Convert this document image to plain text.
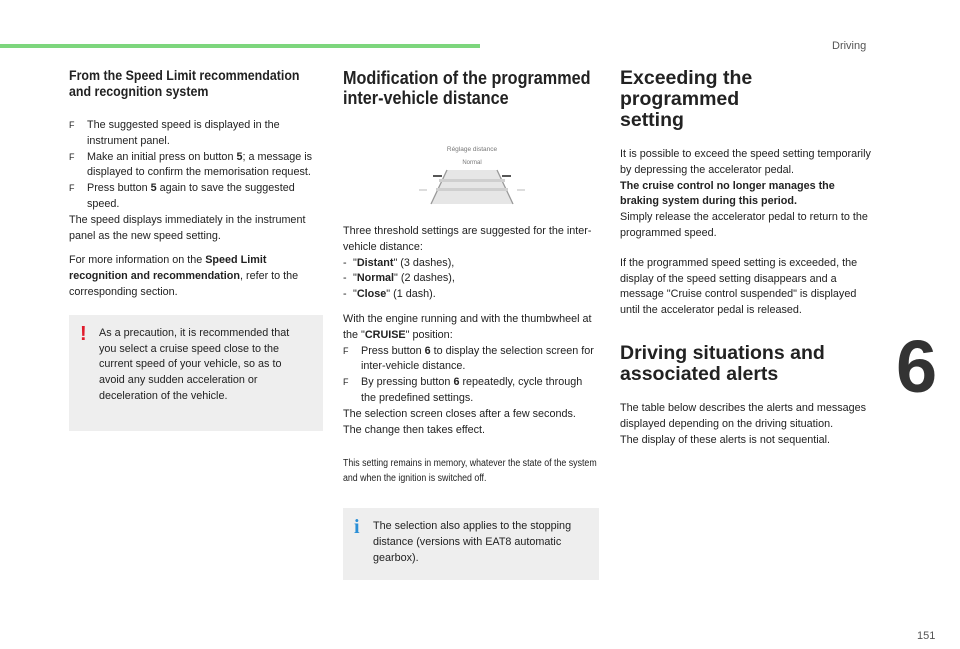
Driving
6
151
From the Speed Limit recommendation
and recognition system
F The suggested speed is displayed in the instrument panel.
F Make an initial press on button 5; a message is displayed to confirm the memorisation request.
F Press button 5 again to save the suggested speed.

The speed displays immediately in the instrument panel as the new speed setting.

For more information on the Speed Limit recognition and recommendation, refer to the corresponding section.

! As a precaution, it is recommended that you select a cruise speed close to the current speed of your vehicle, so as to avoid any sudden acceleration or deceleration of the vehicle.

Modification of the programmed
inter-vehicle distance
Réglage distance
Normal

Three threshold settings are suggested for the inter-vehicle distance:

- "Distant" (3 dashes),
- "Normal" (2 dashes),
- "Close" (1 dash).

With the engine running and with the thumbwheel at the "CRUISE" position:

F Press button 6 to display the selection screen for inter-vehicle distance.
F By pressing button 6 repeatedly, cycle through the predefined settings.

The selection screen closes after a few seconds.

The change then takes effect.

This setting remains in memory, whatever the state of the system and when the ignition is switched off.

i The selection also applies to the stopping distance (versions with EAT8 automatic gearbox).

Exceeding the programmed
setting

It is possible to exceed the speed setting temporarily by depressing the accelerator pedal.

The cruise control no longer manages the braking system during this period.

Simply release the accelerator pedal to return to the programmed speed.

If the programmed speed setting is exceeded, the display of the speed setting disappears and a message "Cruise control suspended" is displayed until the accelerator pedal is released.

Driving situations and
associated alerts

The table below describes the alerts and messages displayed depending on the driving situation.

The display of these alerts is not sequential.
